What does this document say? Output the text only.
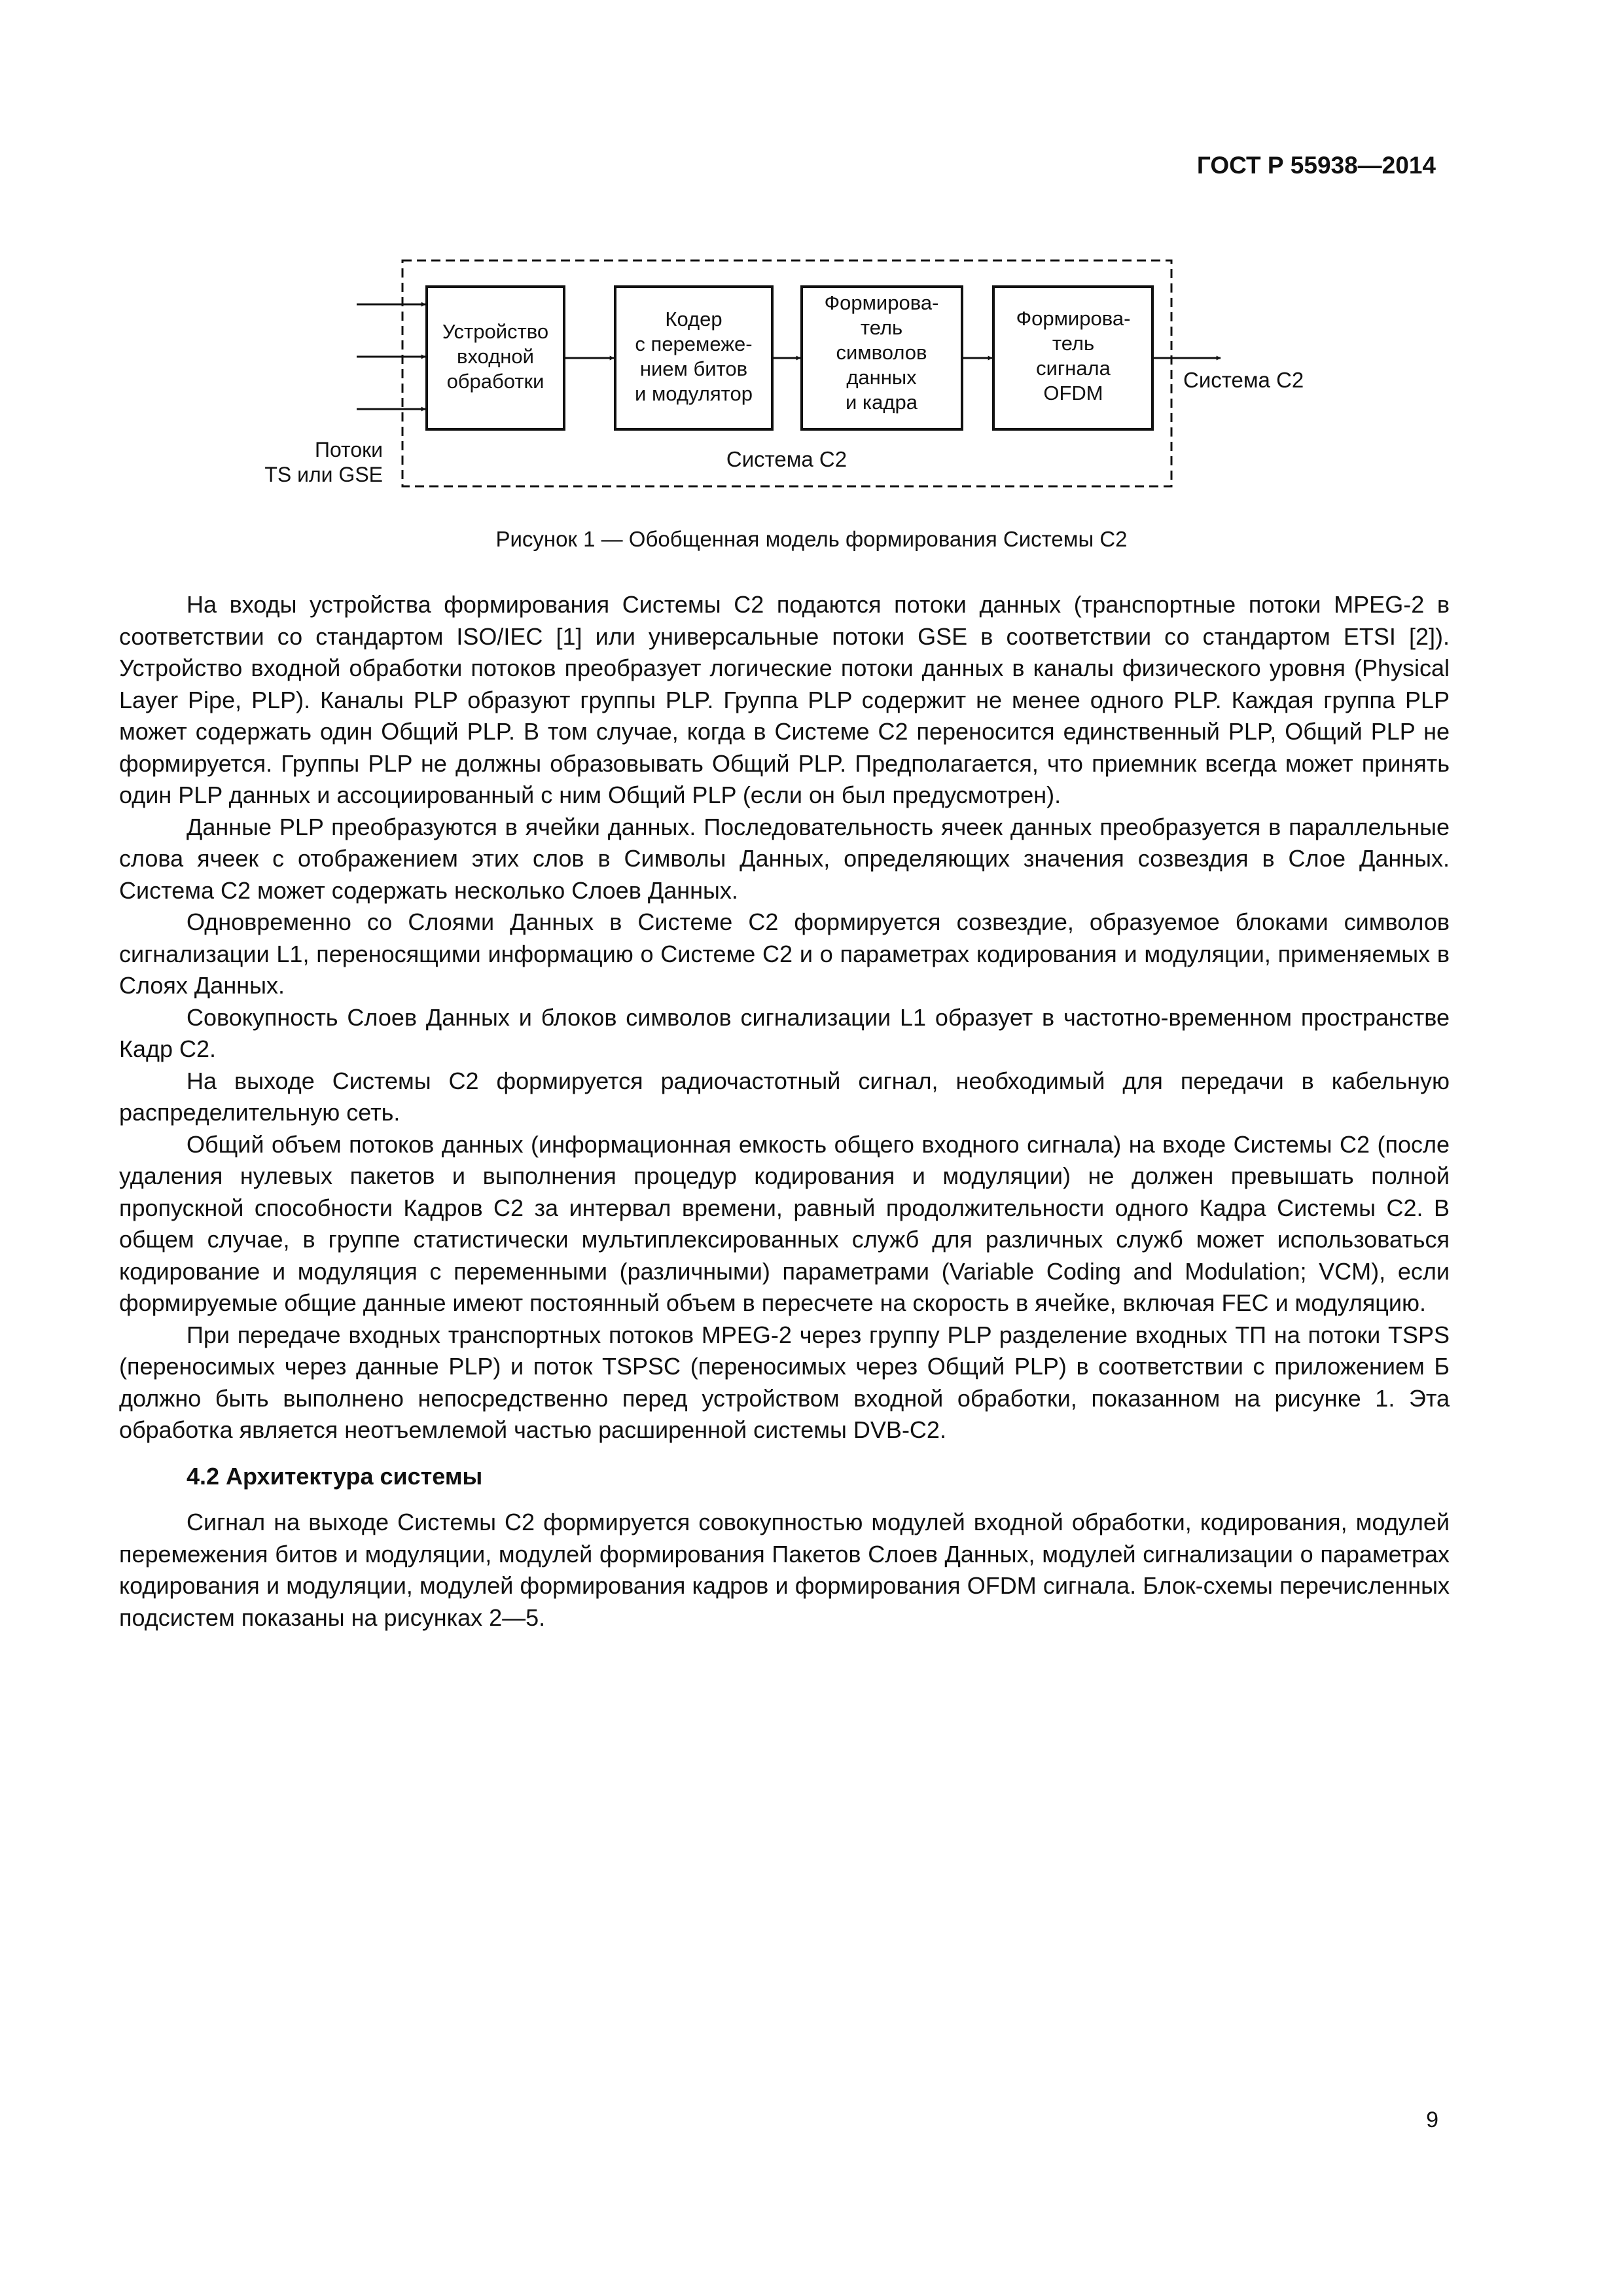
ГОСТ Р 55938—2014
Устройство входной обработки
Кодер с перемеже-нием битов и модулятор
Формирова-тель символов данных и кадра
Формирова-тель сигнала OFDM
Потоки TS или GSE
Система С2
Система С2
Рисунок 1 — Обобщенная модель формирования Системы С2

На входы устройства формирования Системы С2 подаются потоки данных (транспортные потоки MPEG-2 в соответствии со стандартом ISO/IEC [1] или универсальные потоки GSE в соответствии со стандартом ETSI [2]). Устройство входной обработки потоков преобразует логические потоки данных в каналы физического уровня (Physical Layer Pipe, PLP). Каналы PLP образуют группы PLP. Группа PLP содержит не менее одного PLP. Каждая группа PLP может содержать один Общий PLP. В том случае, когда в Системе С2 переносится единственный PLP, Общий PLP не формируется. Группы PLP не должны образовывать Общий PLP. Предполагается, что приемник всегда может принять один PLP данных и ассоциированный с ним Общий PLP (если он был предусмотрен).

Данные PLP преобразуются в ячейки данных. Последовательность ячеек данных преобразуется в параллельные слова ячеек с отображением этих слов в Символы Данных, определяющих значения созвездия в Слое Данных. Система С2 может содержать несколько Слоев Данных.

Одновременно со Слоями Данных в Системе С2 формируется созвездие, образуемое блоками символов сигнализации L1, переносящими информацию о Системе С2 и о параметрах кодирования и модуляции, применяемых в Слоях Данных.

Совокупность Слоев Данных и блоков символов сигнализации L1 образует в частотно-временном пространстве Кадр С2.

На выходе Системы С2 формируется радиочастотный сигнал, необходимый для передачи в кабельную распределительную сеть.

Общий объем потоков данных (информационная емкость общего входного сигнала) на входе Системы С2 (после удаления нулевых пакетов и выполнения процедур кодирования и модуляции) не должен превышать полной пропускной способности Кадров С2 за интервал времени, равный продолжительности одного Кадра Системы С2. В общем случае, в группе статистически мультиплексированных служб для различных служб может использоваться кодирование и модуляция с переменными (различными) параметрами (Variable Coding and Modulation; VCM), если формируемые общие данные имеют постоянный объем в пересчете на скорость в ячейке, включая FEC и модуляцию.

При передаче входных транспортных потоков MPEG-2 через группу PLP разделение входных ТП на потоки TSPS (переносимых через данные PLP) и поток TSPSC (переносимых через Общий PLP) в соответствии с приложением Б должно быть выполнено непосредственно перед устройством входной обработки, показанном на рисунке 1. Эта обработка является неотъемлемой частью расширенной системы DVB-C2.

4.2 Архитектура системы

Сигнал на выходе Системы С2 формируется совокупностью модулей входной обработки, кодирования, модулей перемежения битов и модуляции, модулей формирования Пакетов Слоев Данных, модулей сигнализации о параметрах кодирования и модуляции, модулей формирования кадров и формирования OFDM сигнала. Блок-схемы перечисленных подсистем показаны на рисунках 2—5.

9
